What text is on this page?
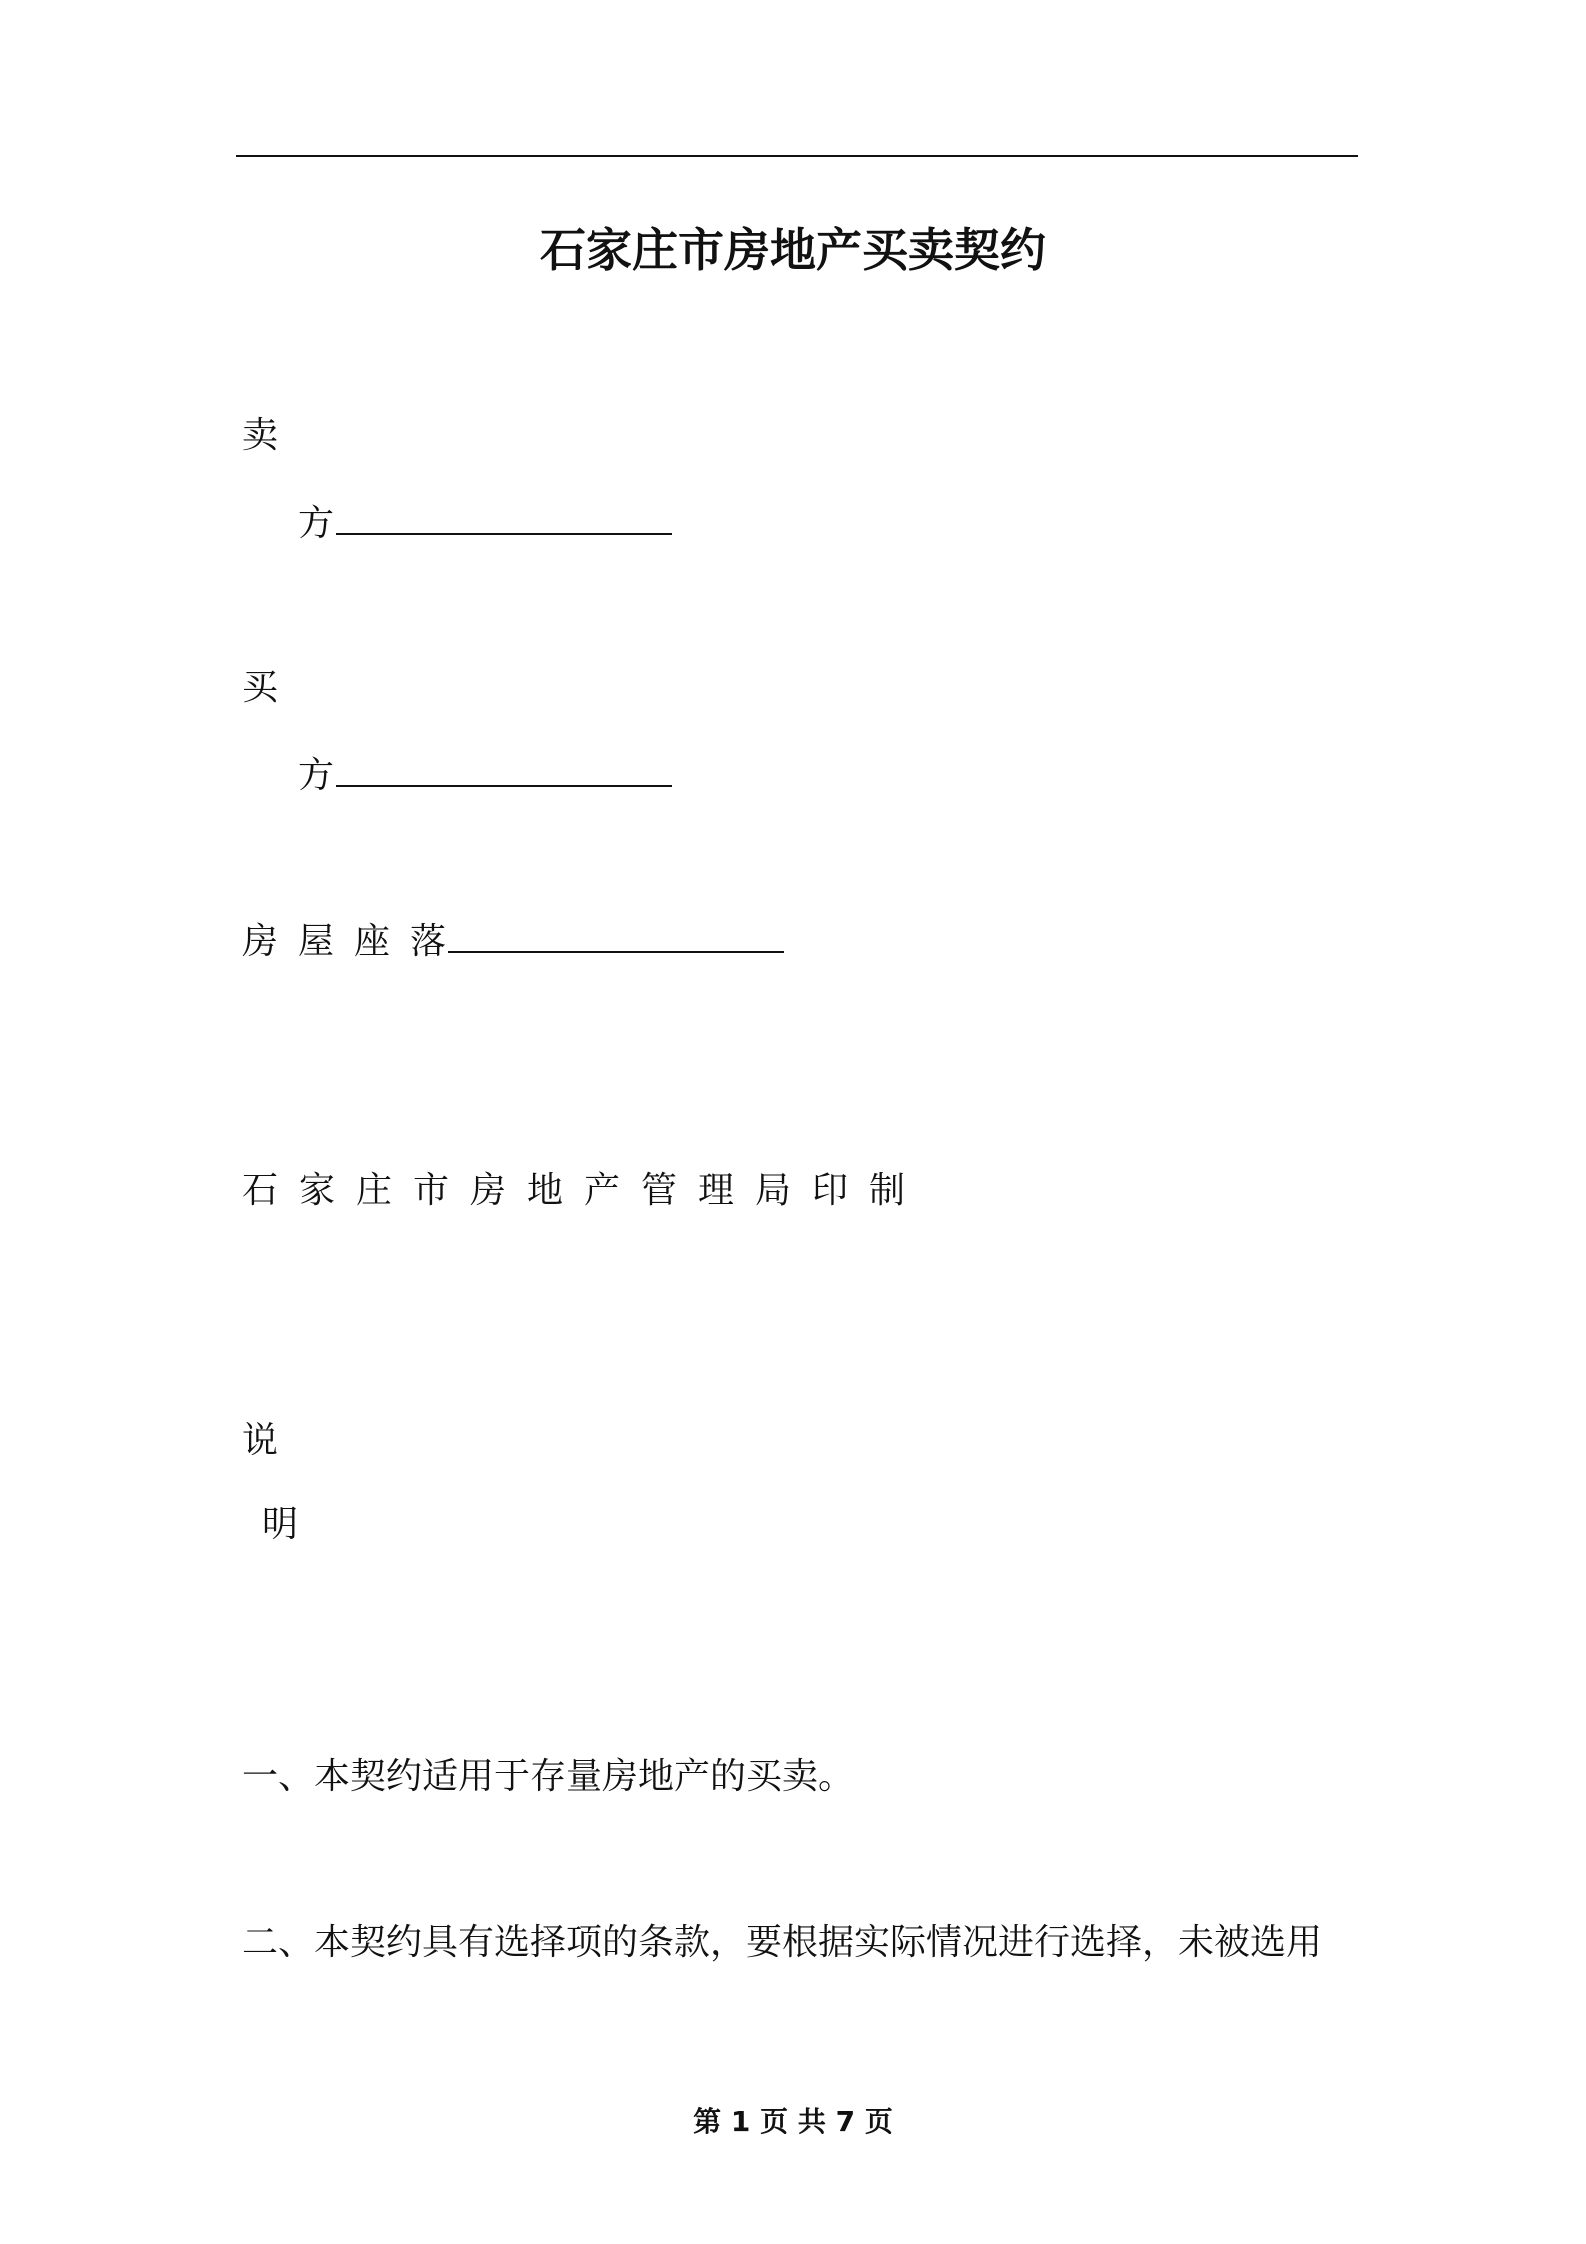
石家庄市房地产买卖契约
卖
方
买
方
房屋座落
石家庄市房地产管理局印制
说
明
一、本契约适用于存量房地产的买卖。
二、本契约具有选择项的条款，要根据实际情况进行选择，未被选用
第 1 页 共 7 页
